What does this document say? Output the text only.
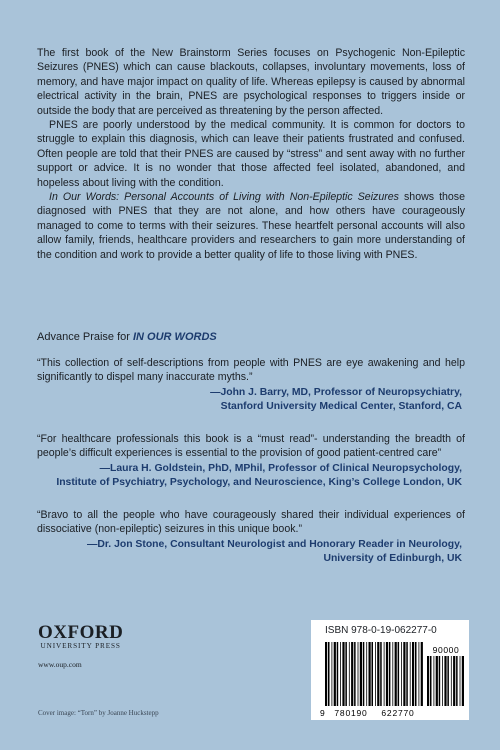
The first book of the New Brainstorm Series focuses on Psychogenic Non-Epileptic Seizures (PNES) which can cause blackouts, collapses, involuntary movements, loss of memory, and have major impact on quality of life. Whereas epilepsy is caused by abnormal electrical activity in the brain, PNES are psychological responses to triggers inside or outside the body that are perceived as threatening by the person affected.

PNES are poorly understood by the medical community. It is common for doctors to struggle to explain this diagnosis, which can leave their patients frustrated and confused. Often people are told that their PNES are caused by “stress” and sent away with no further support or advice. It is no wonder that those affected feel isolated, abandoned, and hopeless about living with the condition.

In Our Words: Personal Accounts of Living with Non-Epileptic Seizures shows those diagnosed with PNES that they are not alone, and how others have courageously managed to come to terms with their seizures. These heartfelt personal accounts will also allow family, friends, healthcare providers and researchers to gain more understanding of the condition and work to provide a better quality of life to those living with PNES.

Advance Praise for IN OUR WORDS
“This collection of self-descriptions from people with PNES are eye awakening and help significantly to dispel many inaccurate myths.”
—John J. Barry, MD, Professor of Neuropsychiatry,
Stanford University Medical Center, Stanford, CA
“For healthcare professionals this book is a “must read”- understanding the breadth of people’s difficult experiences is essential to the provision of good patient-centred care”
—Laura H. Goldstein, PhD, MPhil, Professor of Clinical Neuropsychology,
Institute of Psychiatry, Psychology, and Neuroscience, King’s College London, UK
“Bravo to all the people who have courageously shared their individual experiences of dissociative (non-epileptic) seizures in this unique book.”
—Dr. Jon Stone, Consultant Neurologist and Honorary Reader in Neurology,
University of Edinburgh, UK
OXFORD
UNIVERSITY PRESS
www.oup.com
Cover image: “Torn” by Joanne Huckstepp
ISBN 978-0-19-062277-0
9 780190 622770
90000
